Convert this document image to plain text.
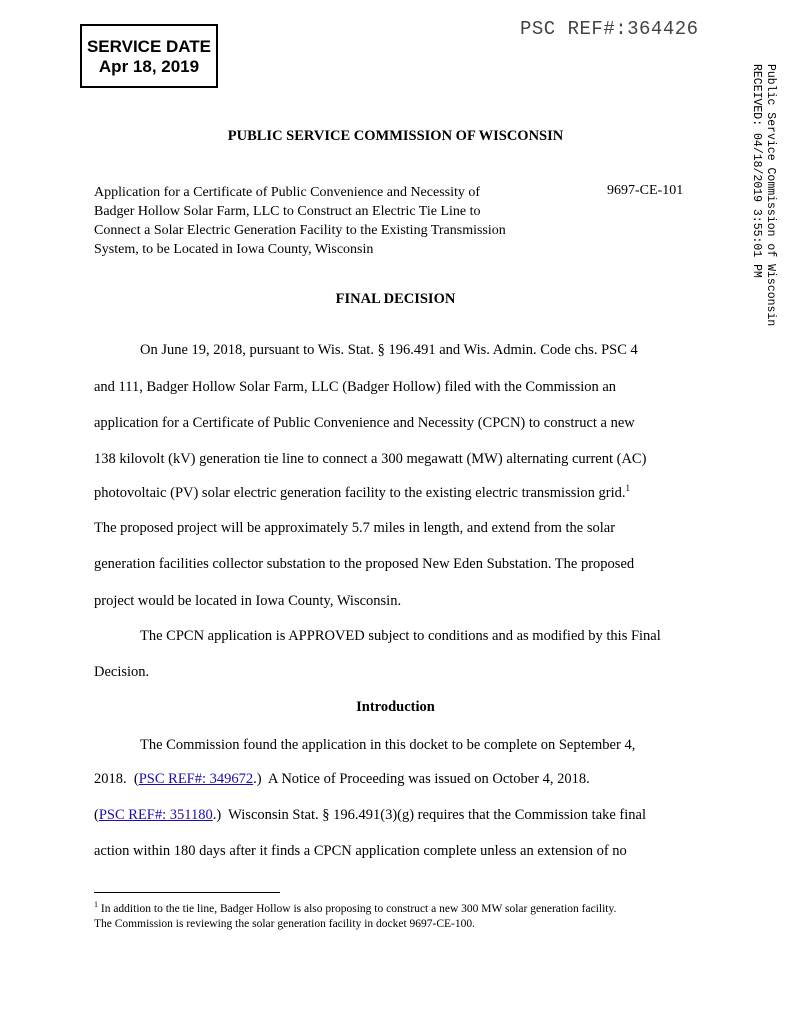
SERVICE DATE
Apr 18, 2019
PSC REF#:364426
Public Service Commission of Wisconsin
RECEIVED: 04/18/2019 3:55:01 PM
PUBLIC SERVICE COMMISSION OF WISCONSIN
Application for a Certificate of Public Convenience and Necessity of
Badger Hollow Solar Farm, LLC to Construct an Electric Tie Line to
Connect a Solar Electric Generation Facility to the Existing Transmission
System, to be Located in Iowa County, Wisconsin
9697-CE-101
FINAL DECISION
On June 19, 2018, pursuant to Wis. Stat. § 196.491 and Wis. Admin. Code chs. PSC 4
and 111, Badger Hollow Solar Farm, LLC (Badger Hollow) filed with the Commission an
application for a Certificate of Public Convenience and Necessity (CPCN) to construct a new
138 kilovolt (kV) generation tie line to connect a 300 megawatt (MW) alternating current (AC)
photovoltaic (PV) solar electric generation facility to the existing electric transmission grid.$^1$
The proposed project will be approximately 5.7 miles in length, and extend from the solar
generation facilities collector substation to the proposed New Eden Substation. The proposed
project would be located in Iowa County, Wisconsin.
The CPCN application is APPROVED subject to conditions and as modified by this Final
Decision.
Introduction
The Commission found the application in this docket to be complete on September 4,
2018.  (PSC REF#: 349672.)  A Notice of Proceeding was issued on October 4, 2018.
(PSC REF#: 351180.)  Wisconsin Stat. § 196.491(3)(g) requires that the Commission take final
action within 180 days after it finds a CPCN application complete unless an extension of no
$^1$ In addition to the tie line, Badger Hollow is also proposing to construct a new 300 MW solar generation facility.
The Commission is reviewing the solar generation facility in docket 9697-CE-100.
